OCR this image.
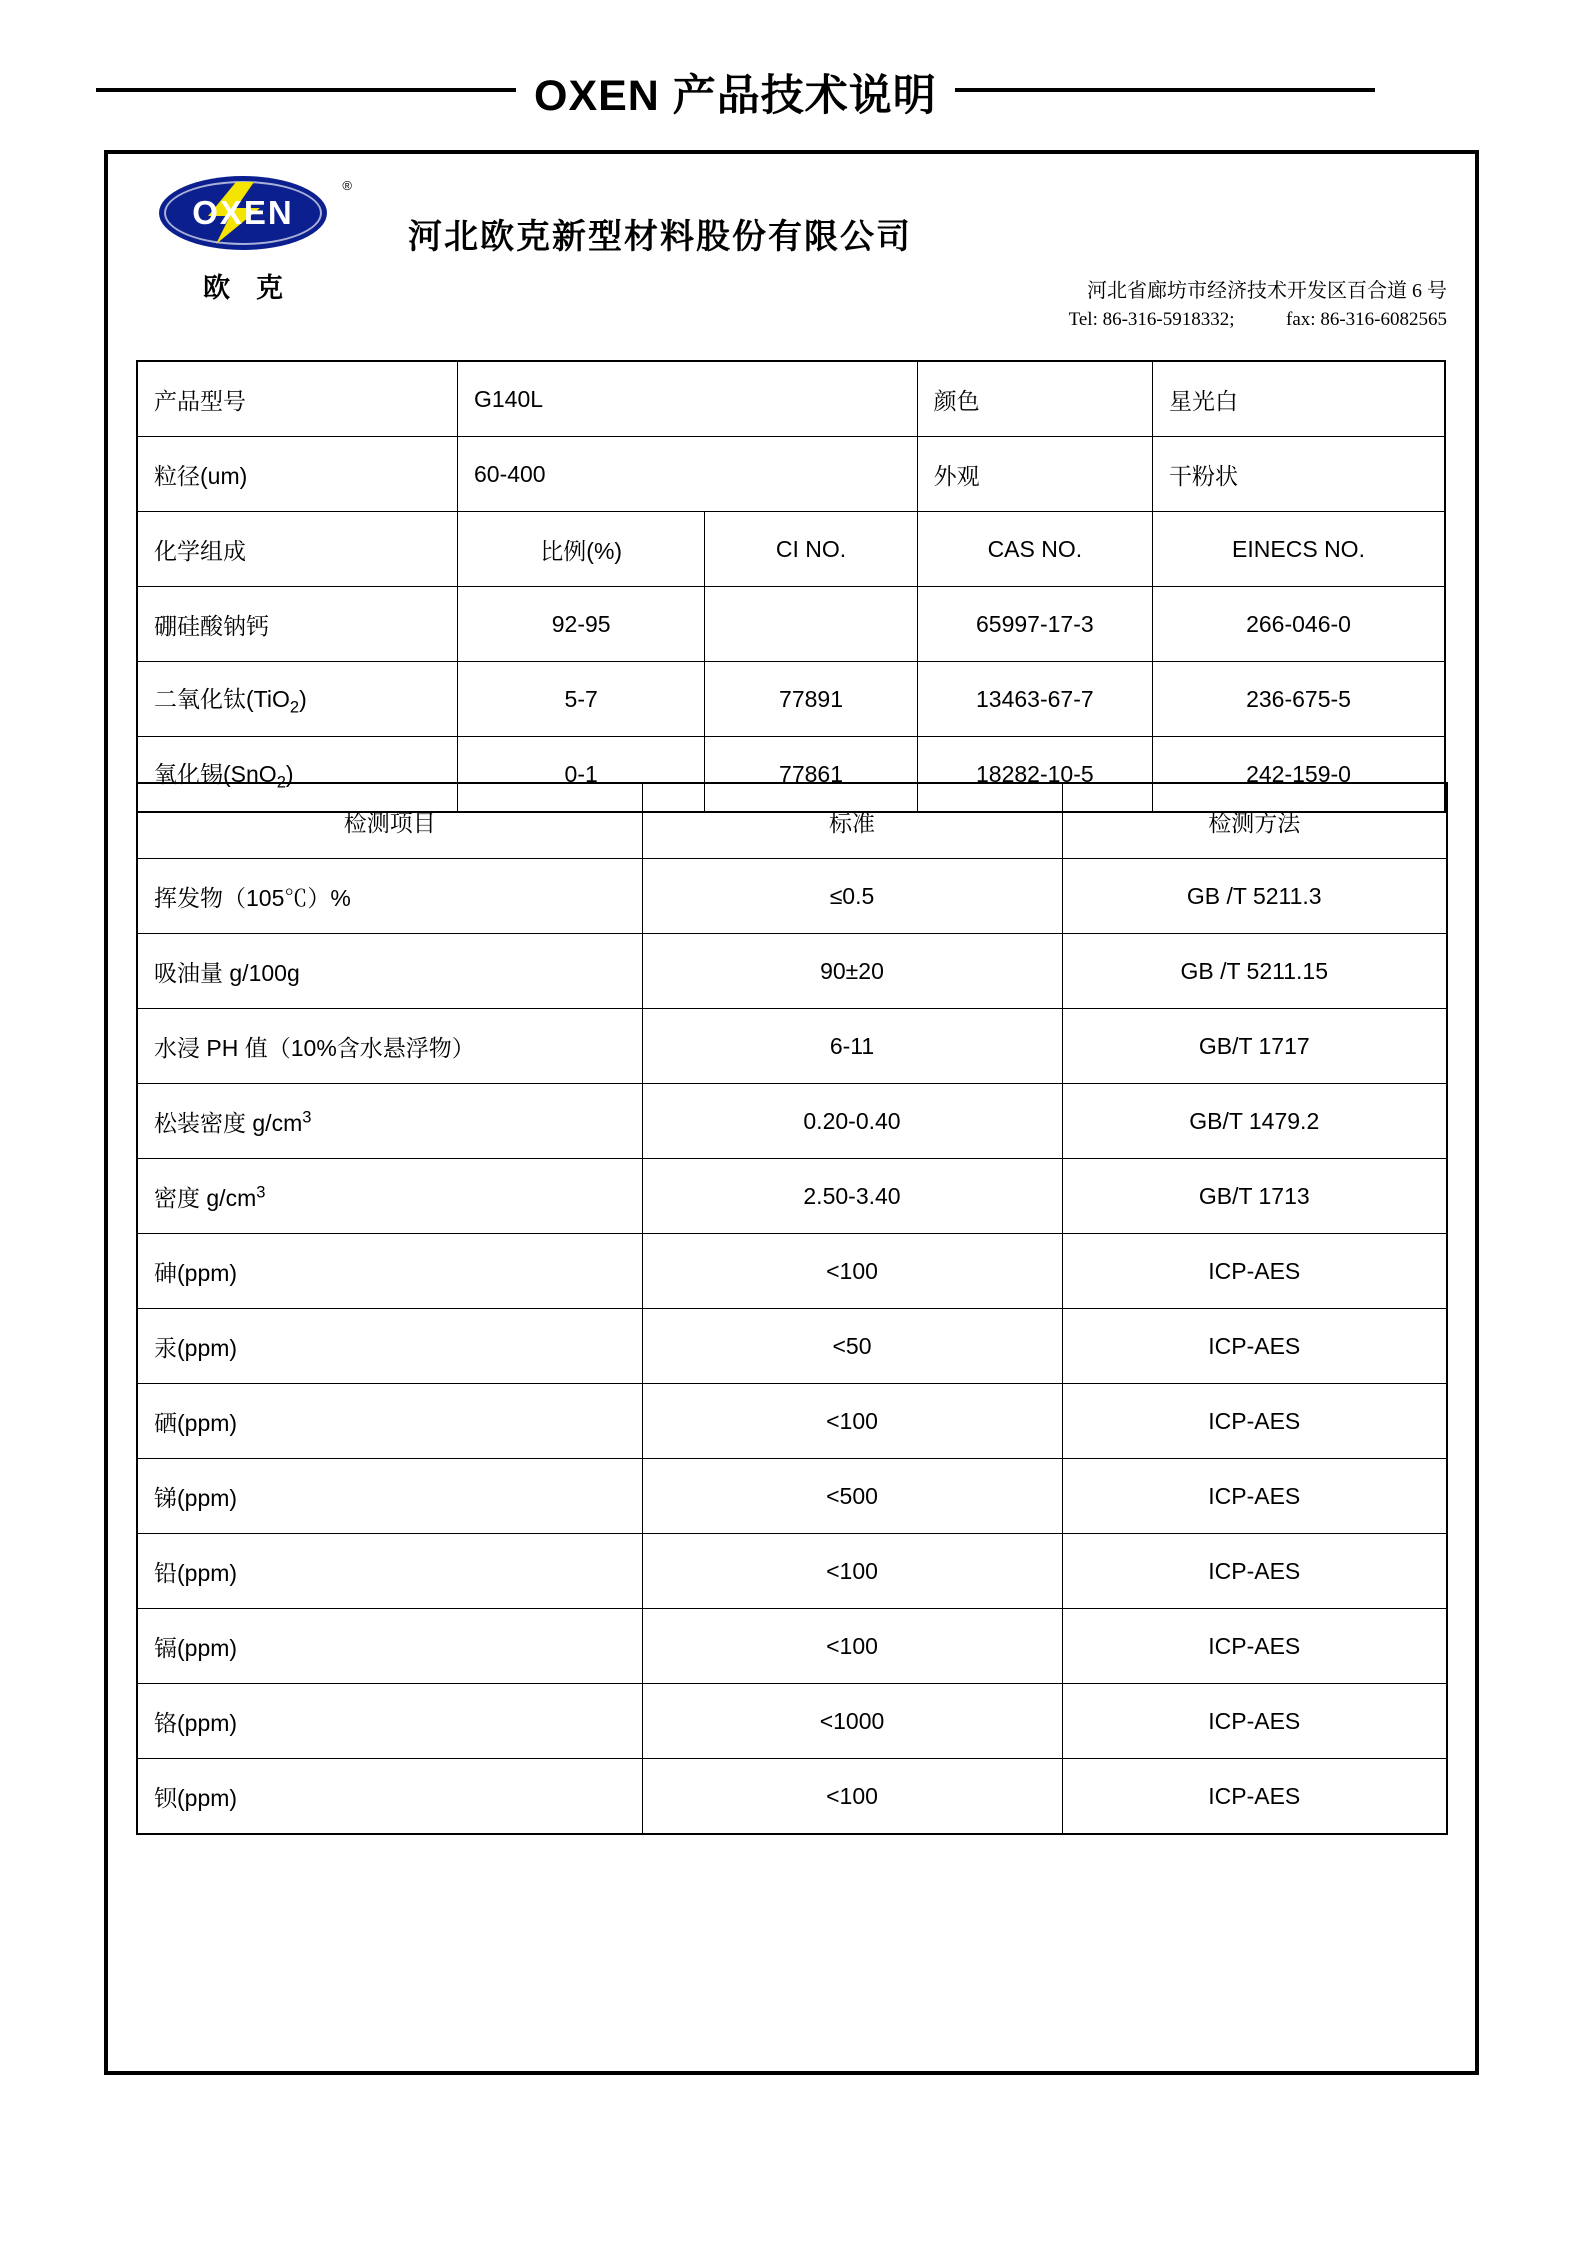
OXEN 产品技术说明
OXEN
®
欧克
河北欧克新型材料股份有限公司
河北省廊坊市经济技术开发区百合道 6 号
Tel: 86-316-5918332;	fax: 86-316-6082565
产品型号	G140L		颜色	星光白
粒径(um)	60-400		外观	干粉状
化学组成	比例(%)	CI NO.	CAS NO.	EINECS NO.
硼硅酸钠钙	92-95		65997-17-3	266-046-0
二氧化钛(TiO$_2$)	5-7	77891	13463-67-7	236-675-5
氧化锡(SnO$_2$)	0-1	77861	18282-10-5	242-159-0
检测项目	标准	检测方法
挥发物（105℃）%	≤0.5	GB /T 5211.3
吸油量 g/100g	90±20	GB /T 5211.15
水浸 PH 值（10%含水悬浮物）	6-11	GB/T 1717
松装密度 $g/cm^3$	0.20-0.40	GB/T 1479.2
密度 $g/cm^3$	2.50-3.40	GB/T 1713
砷(ppm)	<100	ICP-AES
汞(ppm)	<50	ICP-AES
硒(ppm)	<100	ICP-AES
锑(ppm)	<500	ICP-AES
铅(ppm)	<100	ICP-AES
镉(ppm)	<100	ICP-AES
铬(ppm)	<1000	ICP-AES
钡(ppm)	<100	ICP-AES
